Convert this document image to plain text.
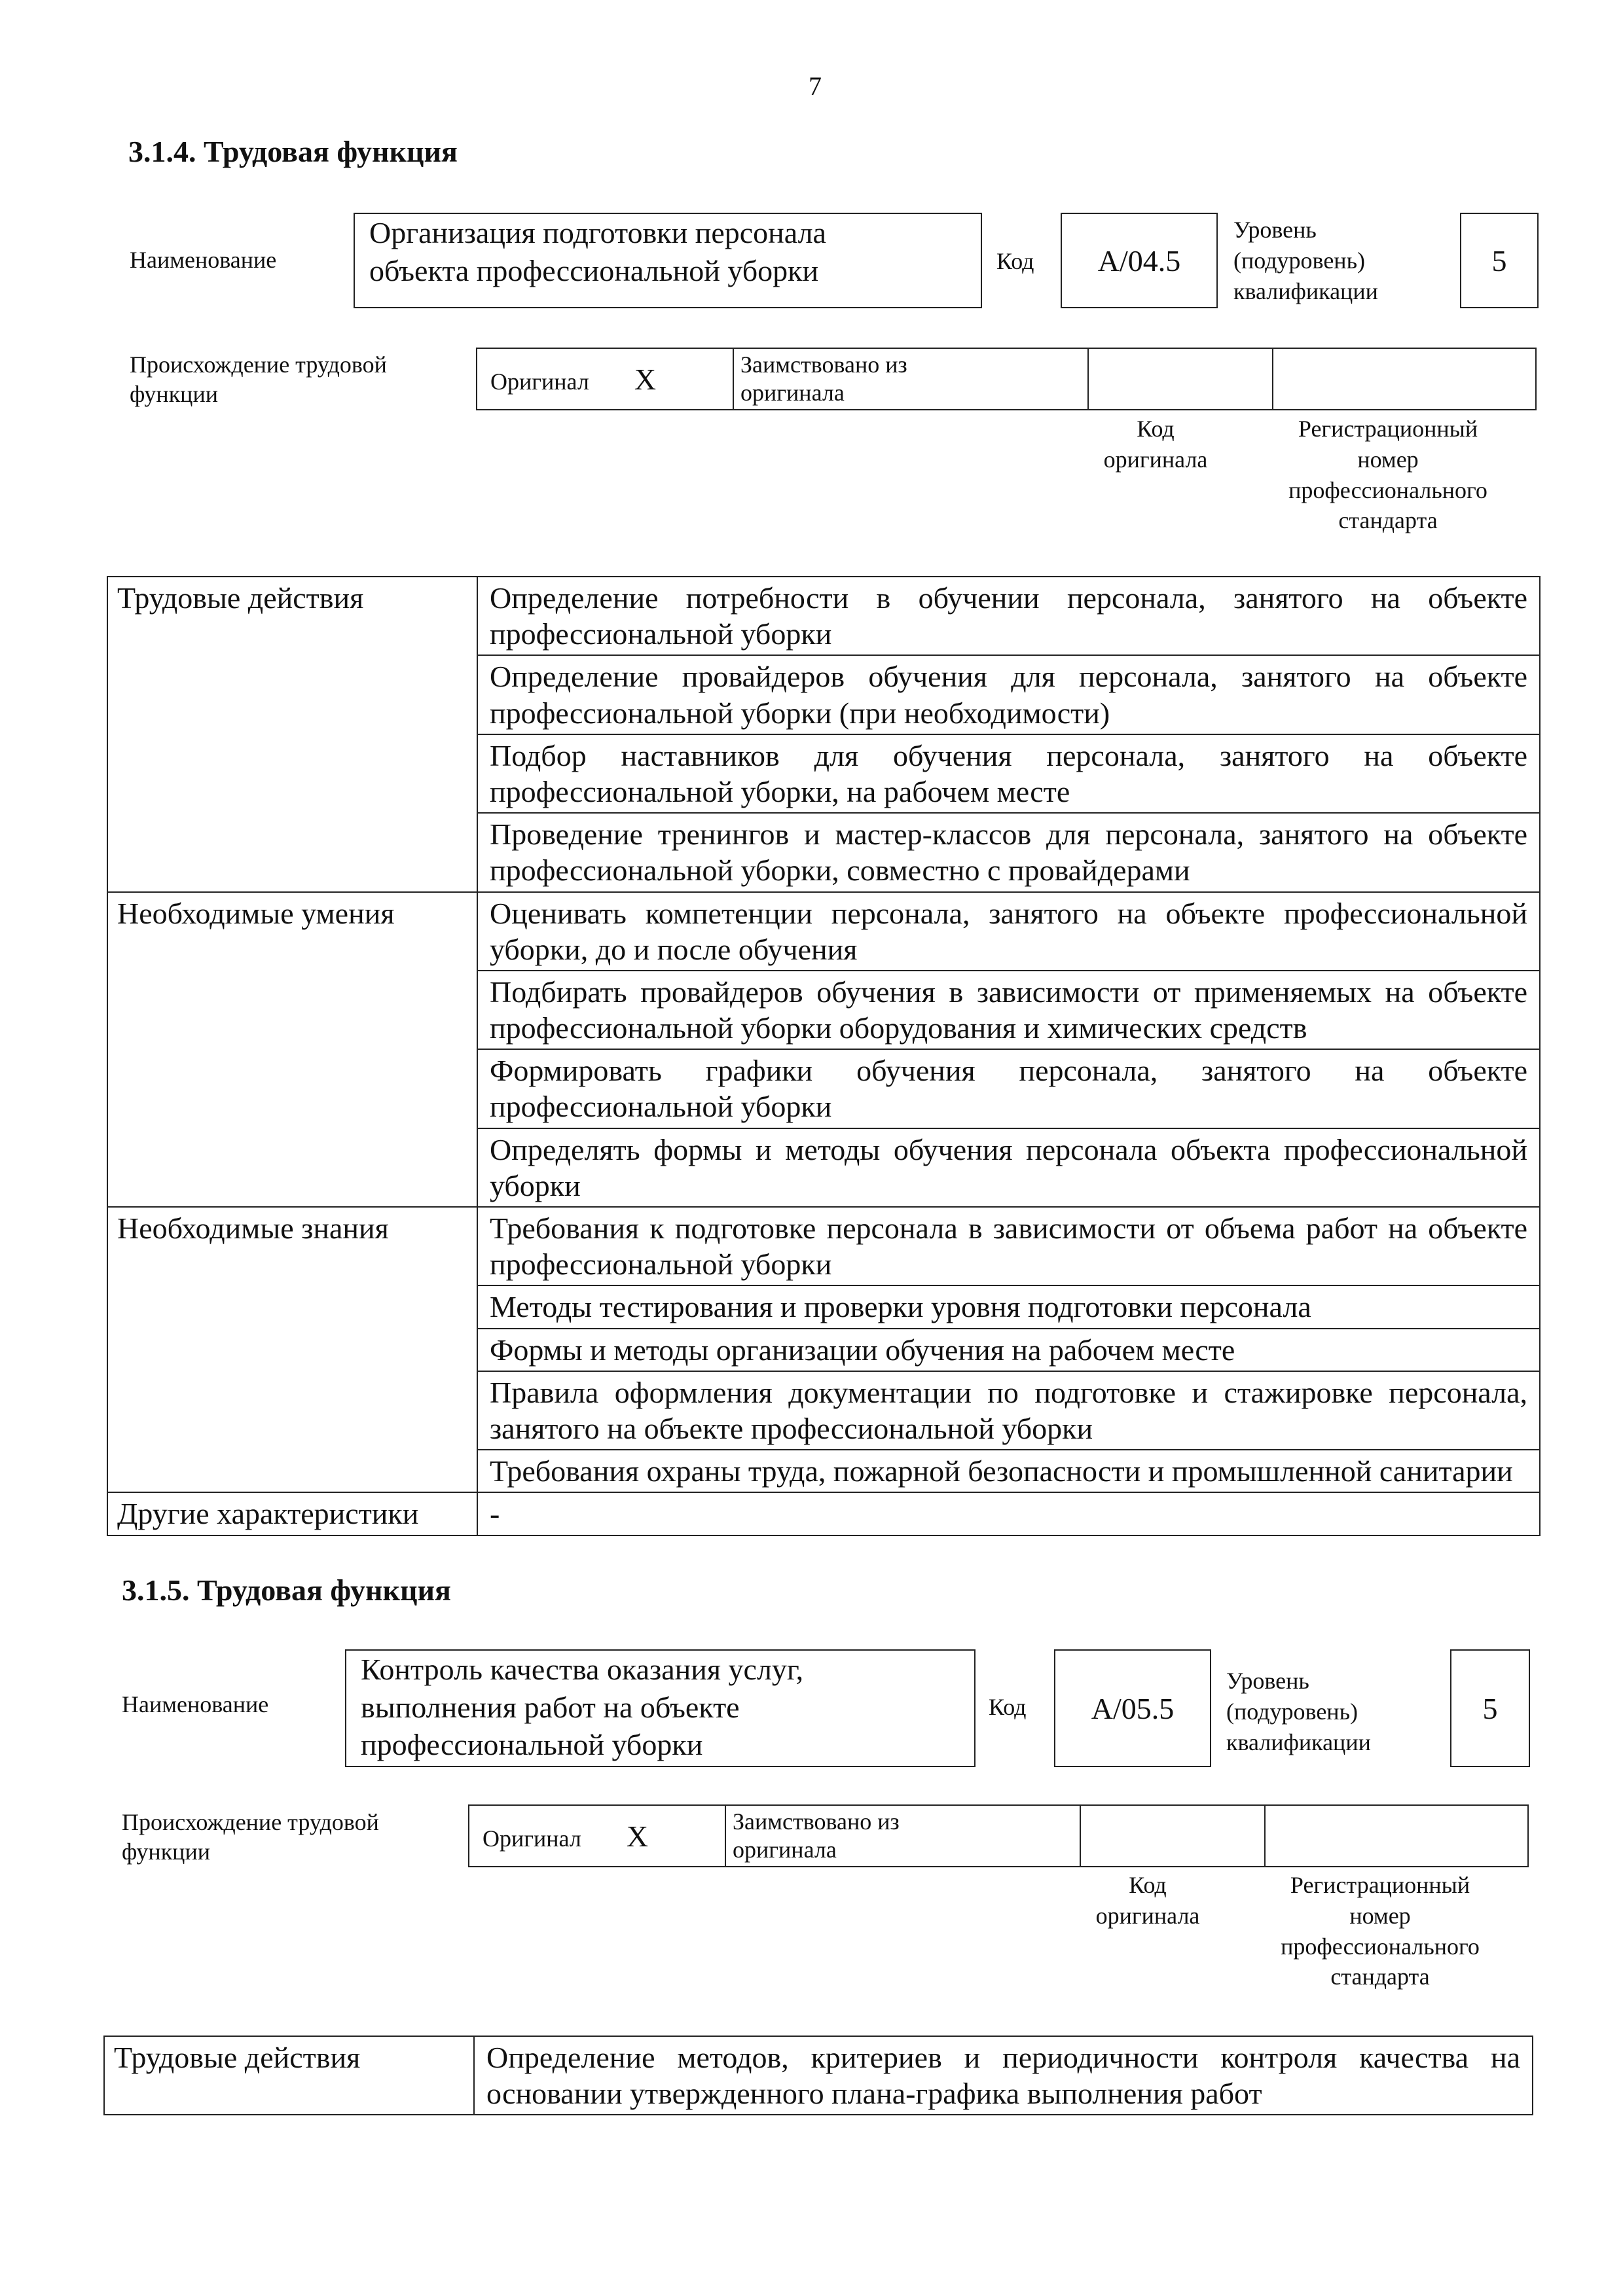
7
3.1.4. Трудовая функция
Наименование
Организация подготовки персонала
объекта профессиональной уборки	Код А/04.5
Уровень
(подуровень)
квалификации
5
Происхождение трудовой
функции	Оригинал Х	Заимствовано из
оригинала

Код
оригинала
Регистрационный
номер
профессионального
стандарта
Трудовые действия	Определение потребности в обучении персонала, занятого на объекте профессиональной уборки
	Определение провайдеров обучения для персонала, занятого на объекте профессиональной уборки (при необходимости)
	Подбор наставников для обучения персонала, занятого на объекте профессиональной уборки, на рабочем месте
	Проведение тренингов и мастер-классов для персонала, занятого на объекте профессиональной уборки, совместно с провайдерами
Необходимые умения	Оценивать компетенции персонала, занятого на объекте профессиональной уборки, до и после обучения
	Подбирать провайдеров обучения в зависимости от применяемых на объекте профессиональной уборки оборудования и химических средств
	Формировать графики обучения персонала, занятого на объекте профессиональной уборки
	Определять формы и методы обучения персонала объекта профессиональной уборки
Необходимые знания	Требования к подготовке персонала в зависимости от объема работ на объекте профессиональной уборки
	Методы тестирования и проверки уровня подготовки персонала
	Формы и методы организации обучения на рабочем месте
	Правила оформления документации по подготовке и стажировке персонала, занятого на объекте профессиональной уборки
	Требования охраны труда, пожарной безопасности и промышленной санитарии
Другие характеристики	-
3.1.5. Трудовая функция
Наименование
Контроль качества оказания услуг,
выполнения работ на объекте
профессиональной уборки
Код А/05.5
Уровень
(подуровень)
квалификации
5
Происхождение трудовой
функции
Оригинал Х	Заимствовано из
оригинала

Код
оригинала
Регистрационный
номер
профессионального
стандарта
Трудовые действия	Определение методов, критериев и периодичности контроля качества на основании утвержденного плана-графика выполнения работ
